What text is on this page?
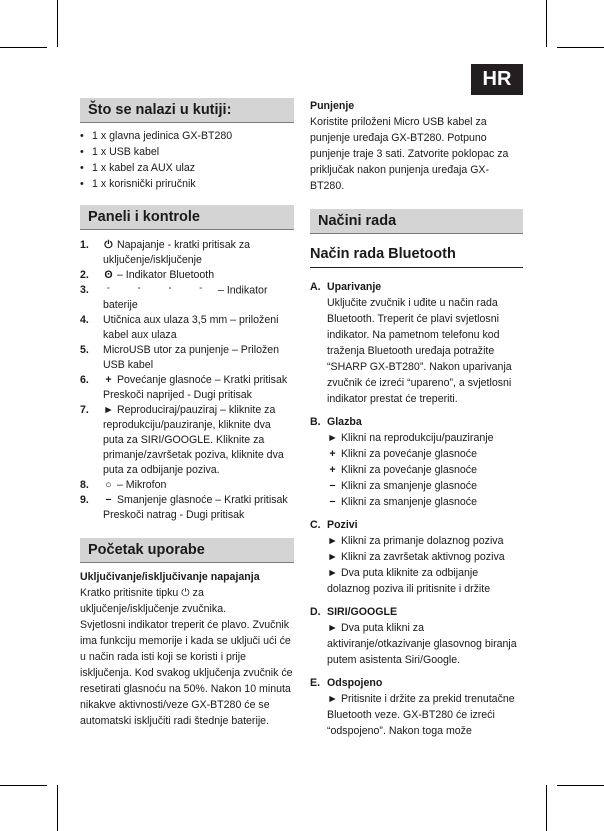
HR
Što se nalazi u kutiji:
• 1 x glavna jedinica GX-BT280
• 1 x USB kabel
• 1 x kabel za AUX ulaz
• 1 x korisnički priručnik
Paneli i kontrole
1. ⏻ Napajanje - kratki pritisak za uključenje/isključenje
2. ʘ – Indikator Bluetooth
3.	° ° ° ° – Indikator baterije
4. Utičnica aux ulaza 3,5 mm – priloženi kabel aux ulaza
5. MicroUSB utor za punjenje – Priložen USB kabel
6. + Povećanje glasnoće – Kratki pritisak Preskoči naprijed - Dugi pritisak
7. ► Reproduciraj/pauziraj – kliknite za reprodukciju/pauziranje, kliknite dva puta za SIRI/GOOGLE. Kliknite za primanje/završetak poziva, kliknite dva puta za odbijanje poziva.
8. ○ – Mikrofon
9. − Smanjenje glasnoće – Kratki pritisak Preskoči natrag - Dugi pritisak
Početak uporabe
Uključivanje/isključivanje napajanja
Kratko pritisnite tipku ⏻ za uključenje/isključenje zvučnika.
Svjetlosni indikator treperit će plavo. Zvučnik ima funkciju memorije i kada se uključi ući će u način rada isti koji se koristi i prije isključenja. Kod svakog uključenja zvučnik će resetirati glasnoću na 50%. Nakon 10 minuta nikakve aktivnosti/veze GX-BT280 će se automatski isključiti radi štednje baterije.
Punjenje
Koristite priloženi Micro USB kabel za punjenje uređaja GX-BT280. Potpuno punjenje traje 3 sati. Zatvorite poklopac za priključak nakon punjenja uređaja GX-BT280.
Načini rada
Način rada Bluetooth
A. Uparivanje
Uključite zvučnik i uđite u način rada Bluetooth. Treperit će plavi svjetlosni indikator. Na pametnom telefonu kod traženja Bluetooth uređaja potražite “SHARP GX-BT280”. Nakon uparivanja zvučnik će izreći “upareno”, a svjetlosni indikator prestat će treperiti.
B. Glazba
► Klikni na reprodukciju/pauziranje
+ Klikni za povećanje glasnoće
+ Klikni za povećanje glasnoće
− Klikni za smanjenje glasnoće
− Klikni za smanjenje glasnoće
C. Pozivi
► Klikni za primanje dolaznog poziva
► Klikni za završetak aktivnog poziva
► Dva puta kliknite za odbijanje dolaznog poziva ili pritisnite i držite
D. SIRI/GOOGLE
► Dva puta klikni za aktiviranje/otkazivanje glasovnog biranja putem asistenta Siri/Google.
E. Odspojeno
► Pritisnite i držite za prekid trenutačne Bluetooth veze. GX-BT280 će izreći “odspojeno”. Nakon toga može
